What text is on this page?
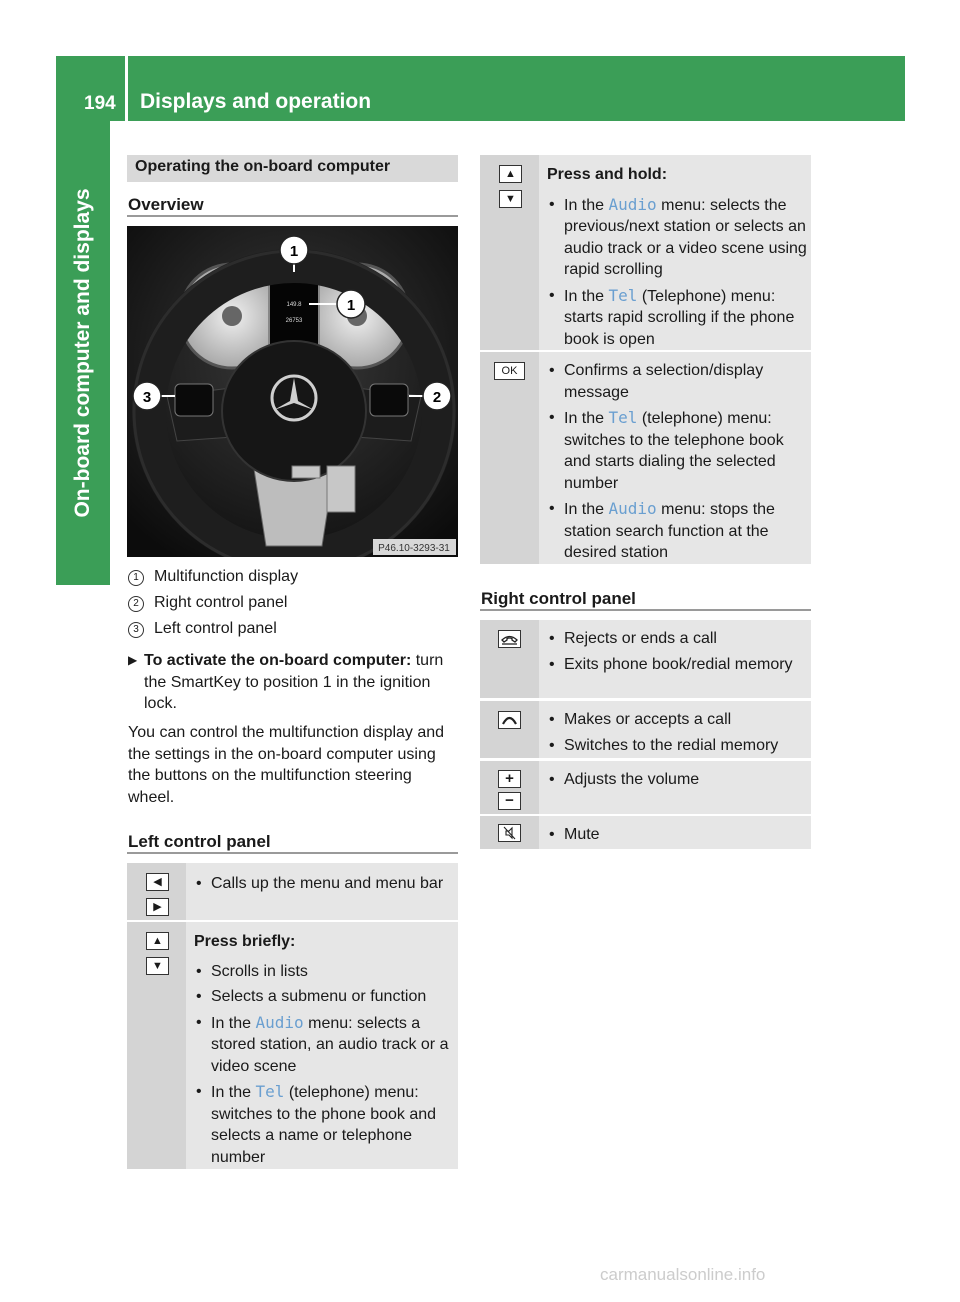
194 Displays and operation
On-board computer and displays
Operating the on-board computer
Overview
149.8
26753
1
1
2
3
P46.10-3293-31
1 Multifunction display
2 Right control panel
3 Left control panel
▶ To activate the on-board computer: turn the SmartKey to position 1 in the ignition lock.
You can control the multifunction display and the settings in the on-board computer using the buttons on the multifunction steering wheel.
Left control panel
◀
▶
• Calls up the menu and menu bar
▲
▼
Press briefly:
• Scrolls in lists
• Selects a submenu or function
• In the Audio menu: selects a stored station, an audio track or a video scene
• In the Tel (telephone) menu: switches to the phone book and selects a name or telephone number
▲
▼
Press and hold:
• In the Audio menu: selects the previous/next station or selects an audio track or a video scene using rapid scrolling
• In the Tel (Telephone) menu: starts rapid scrolling if the phone book is open
OK
•	Confirms a selection/display message
• In the Tel (telephone) menu: switches to the telephone book and starts dialing the selected number
• In the Audio menu: stops the station search function at the desired station
Right control panel
• Rejects or ends a call
• Exits phone book/redial memory
• Makes or accepts a call
• Switches to the redial memory
+
−
• Adjusts the volume
• Mute
carmanualsonline.info
